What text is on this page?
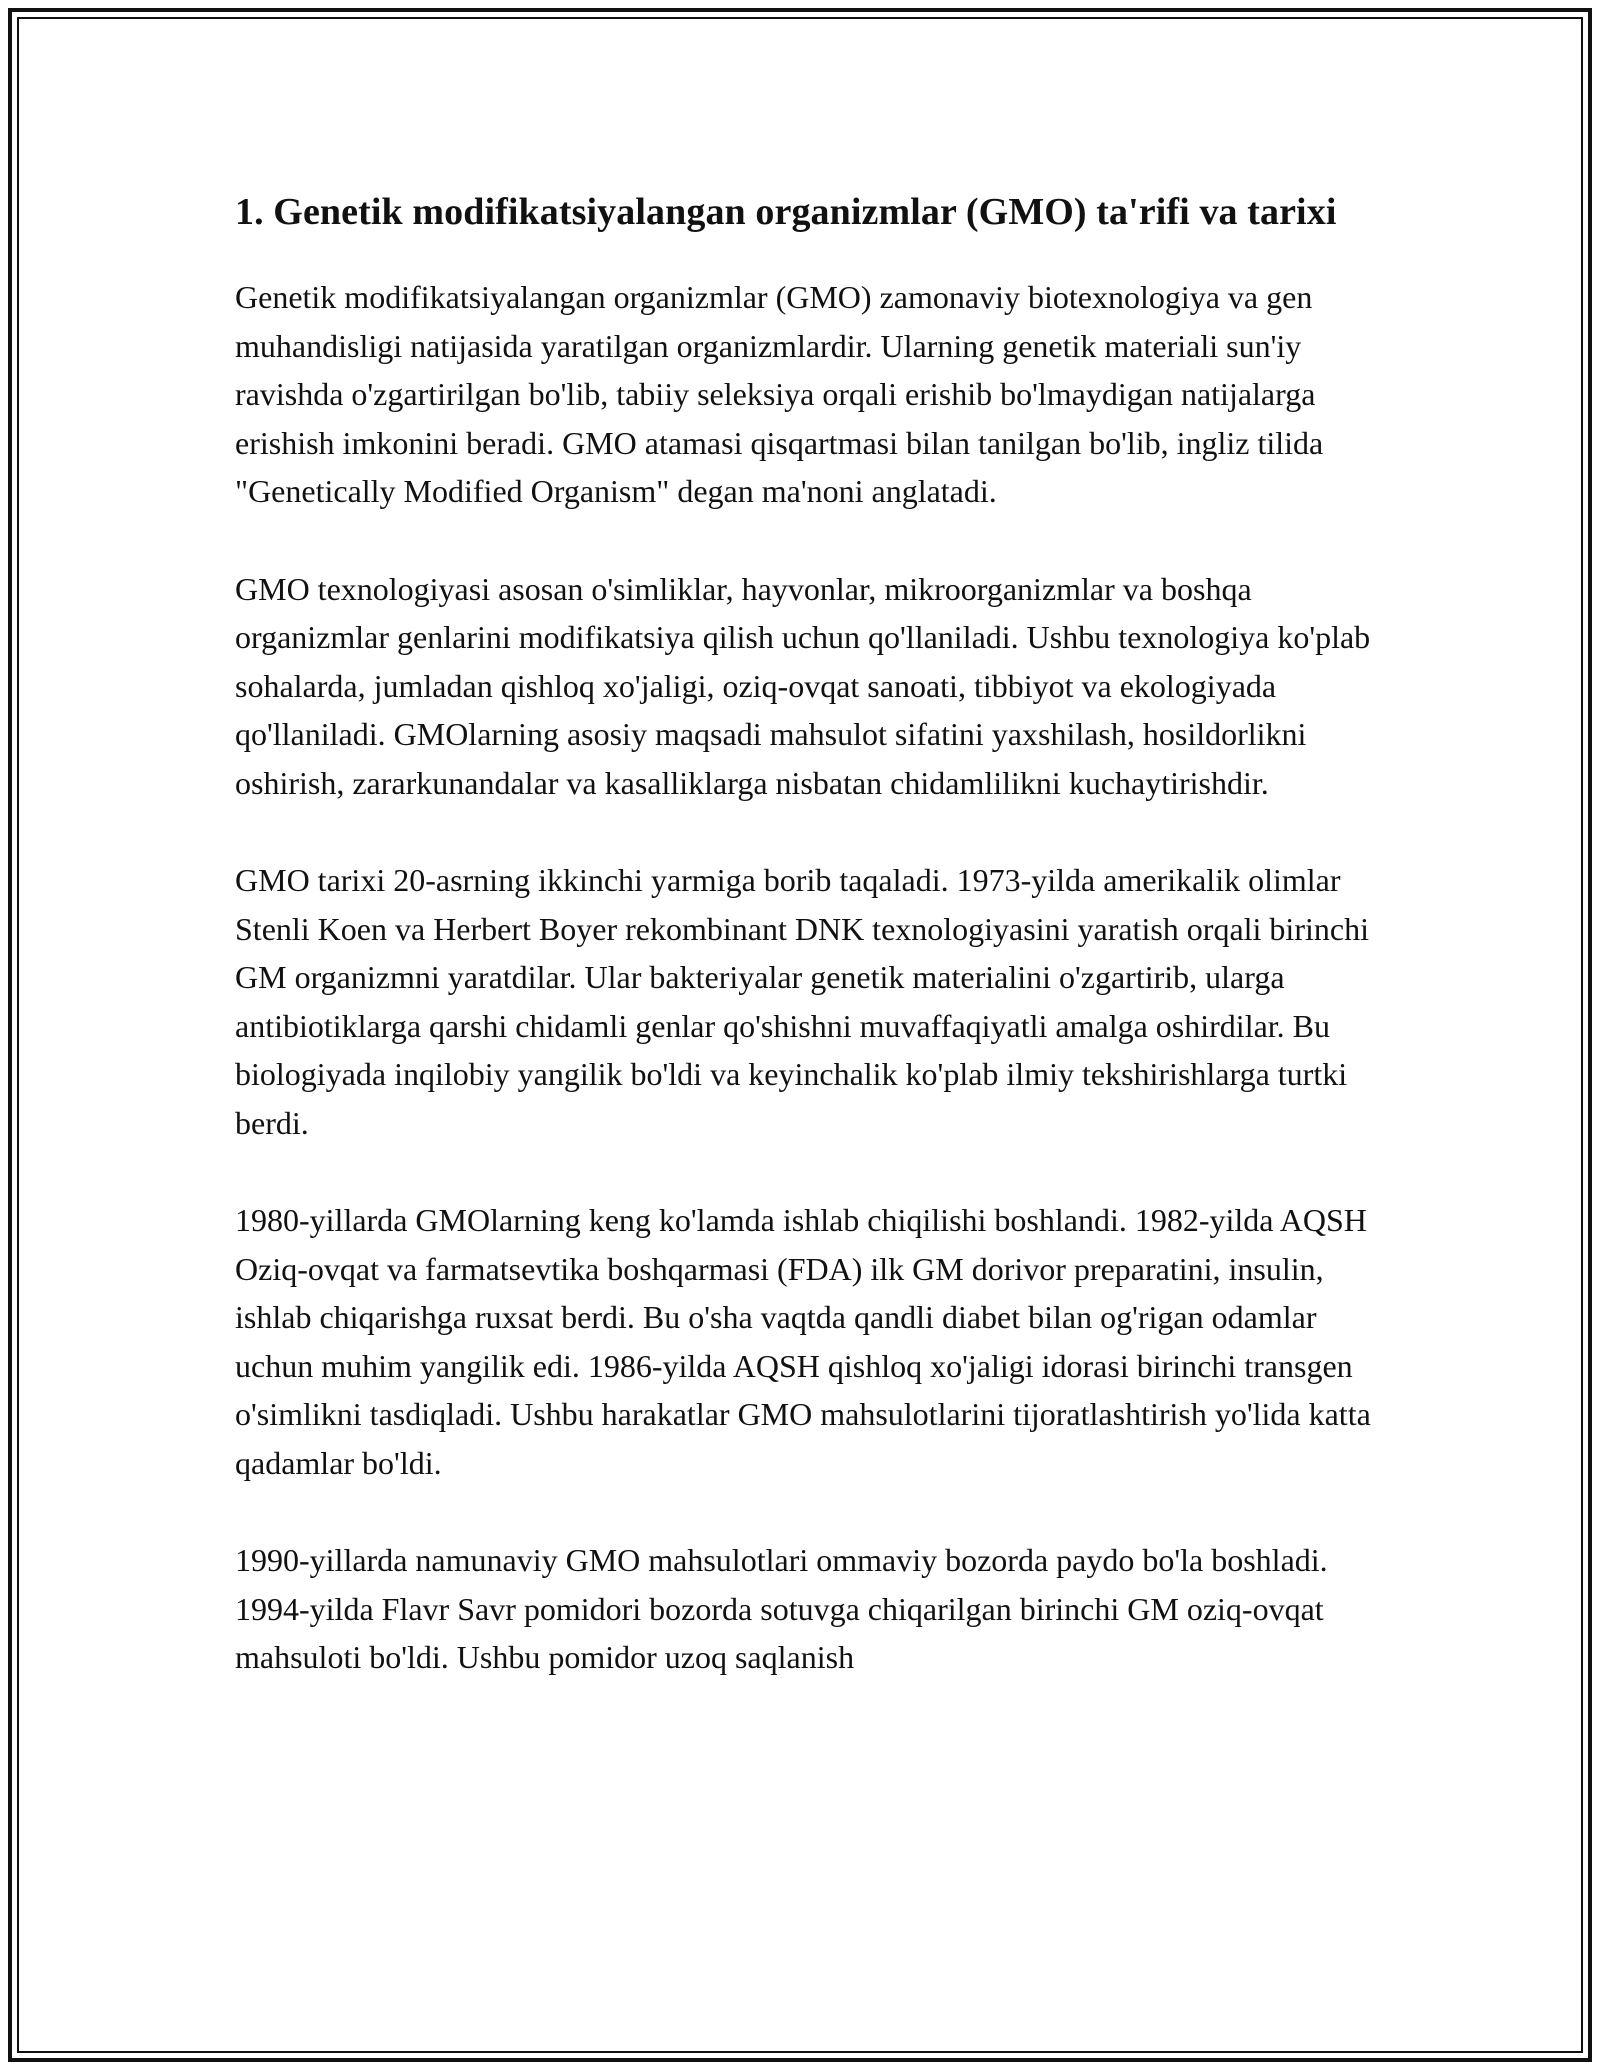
1. Genetik modifikatsiyalangan organizmlar (GMO) ta'rifi va tarixi

Genetik modifikatsiyalangan organizmlar (GMO) zamonaviy biotexnologiya va gen muhandisligi natijasida yaratilgan organizmlardir. Ularning genetik materiali sun'iy ravishda o'zgartirilgan bo'lib, tabiiy seleksiya orqali erishib bo'lmaydigan natijalarga erishish imkonini beradi. GMO atamasi qisqartmasi bilan tanilgan bo'lib, ingliz tilida "Genetically Modified Organism" degan ma'noni anglatadi.

GMO texnologiyasi asosan o'simliklar, hayvonlar, mikroorganizmlar va boshqa organizmlar genlarini modifikatsiya qilish uchun qo'llaniladi. Ushbu texnologiya ko'plab sohalarda, jumladan qishloq xo'jaligi, oziq-ovqat sanoati, tibbiyot va ekologiyada qo'llaniladi. GMOlarning asosiy maqsadi mahsulot sifatini yaxshilash, hosildorlikni oshirish, zararkunandalar va kasalliklarga nisbatan chidamlilikni kuchaytirishdir.

GMO tarixi 20-asrning ikkinchi yarmiga borib taqaladi. 1973-yilda amerikalik olimlar Stenli Koen va Herbert Boyer rekombinant DNK texnologiyasini yaratish orqali birinchi GM organizmni yaratdilar. Ular bakteriyalar genetik materialini o'zgartirib, ularga antibiotiklarga qarshi chidamli genlar qo'shishni muvaffaqiyatli amalga oshirdilar. Bu biologiyada inqilobiy yangilik bo'ldi va keyinchalik ko'plab ilmiy tekshirishlarga turtki berdi.

1980-yillarda GMOlarning keng ko'lamda ishlab chiqilishi boshlandi. 1982-yilda AQSH Oziq-ovqat va farmatsevtika boshqarmasi (FDA) ilk GM dorivor preparatini, insulin, ishlab chiqarishga ruxsat berdi. Bu o'sha vaqtda qandli diabet bilan og'rigan odamlar uchun muhim yangilik edi. 1986-yilda AQSH qishloq xo'jaligi idorasi birinchi transgen o'simlikni tasdiqladi. Ushbu harakatlar GMO mahsulotlarini tijoratlashtirish yo'lida katta qadamlar bo'ldi.

1990-yillarda namunaviy GMO mahsulotlari ommaviy bozorda paydo bo'la boshladi. 1994-yilda Flavr Savr pomidori bozorda sotuvga chiqarilgan birinchi GM oziq-ovqat mahsuloti bo'ldi. Ushbu pomidor uzoq saqlanish
